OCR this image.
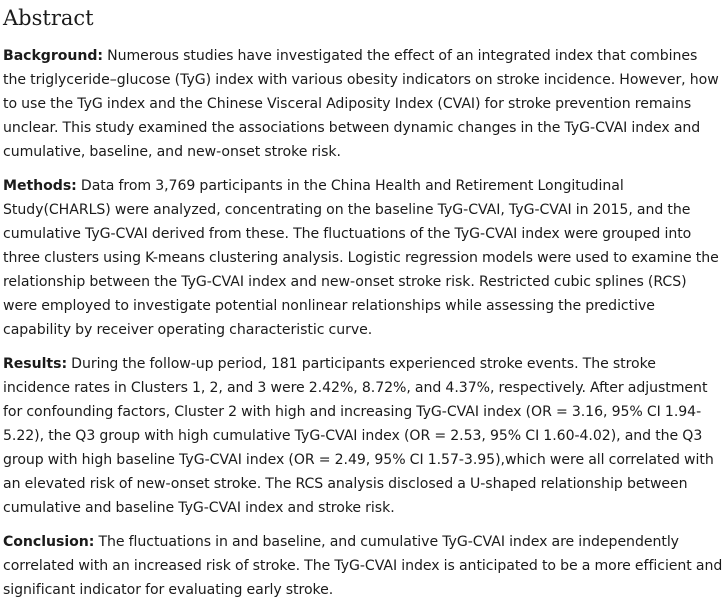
Abstract

Background: Numerous studies have investigated the effect of an integrated index that combines the triglyceride–glucose (TyG) index with various obesity indicators on stroke incidence. However, how to use the TyG index and the Chinese Visceral Adiposity Index (CVAI) for stroke prevention remains unclear. This study examined the associations between dynamic changes in the TyG-CVAI index and cumulative, baseline, and new-onset stroke risk.

Methods: Data from 3,769 participants in the China Health and Retirement Longitudinal Study(CHARLS) were analyzed, concentrating on the baseline TyG-CVAI, TyG-CVAI in 2015, and the cumulative TyG-CVAI derived from these. The fluctuations of the TyG-CVAI index were grouped into three clusters using K-means clustering analysis. Logistic regression models were used to examine the relationship between the TyG-CVAI index and new-onset stroke risk. Restricted cubic splines (RCS) were employed to investigate potential nonlinear relationships while assessing the predictive capability by receiver operating characteristic curve.

Results: During the follow-up period, 181 participants experienced stroke events. The stroke incidence rates in Clusters 1, 2, and 3 were 2.42%, 8.72%, and 4.37%, respectively. After adjustment for confounding factors, Cluster 2 with high and increasing TyG-CVAI index (OR = 3.16, 95% CI 1.94-5.22), the Q3 group with high cumulative TyG-CVAI index (OR = 2.53, 95% CI 1.60-4.02), and the Q3 group with high baseline TyG-CVAI index (OR = 2.49, 95% CI 1.57-3.95),which were all correlated with an elevated risk of new-onset stroke. The RCS analysis disclosed a U-shaped relationship between cumulative and baseline TyG-CVAI index and stroke risk.

Conclusion: The fluctuations in and baseline, and cumulative TyG-CVAI index are independently correlated with an increased risk of stroke. The TyG-CVAI index is anticipated to be a more efficient and significant indicator for evaluating early stroke.
